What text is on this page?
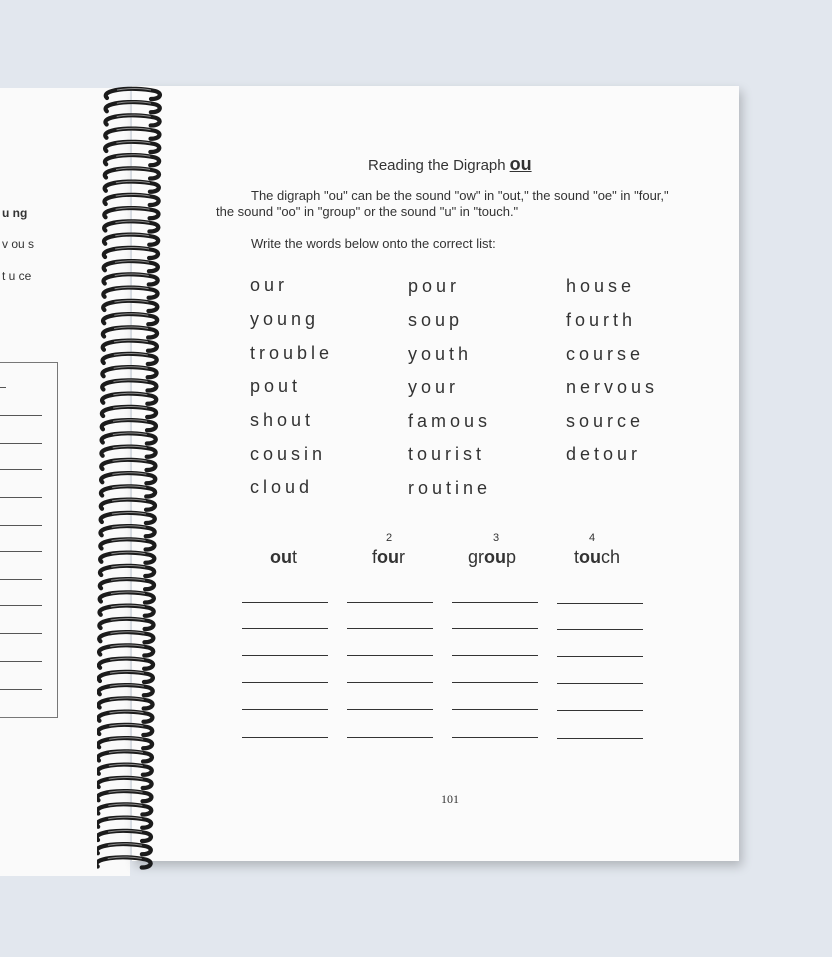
u ng
v ou s
t u ce
Reading the Digraph ou
The digraph "ou" can be the sound "ow" in "out," the sound "oe" in "four," the sound "oo" in "group" or the sound "u" in "touch."
Write the words below onto the correct list:
our
young
trouble
pout
shout
cousin
cloud
pour
soup
youth
your
famous
tourist
routine
house
fourth
course
nervous
source
detour
2	3	4
out	four	group	touch
101
